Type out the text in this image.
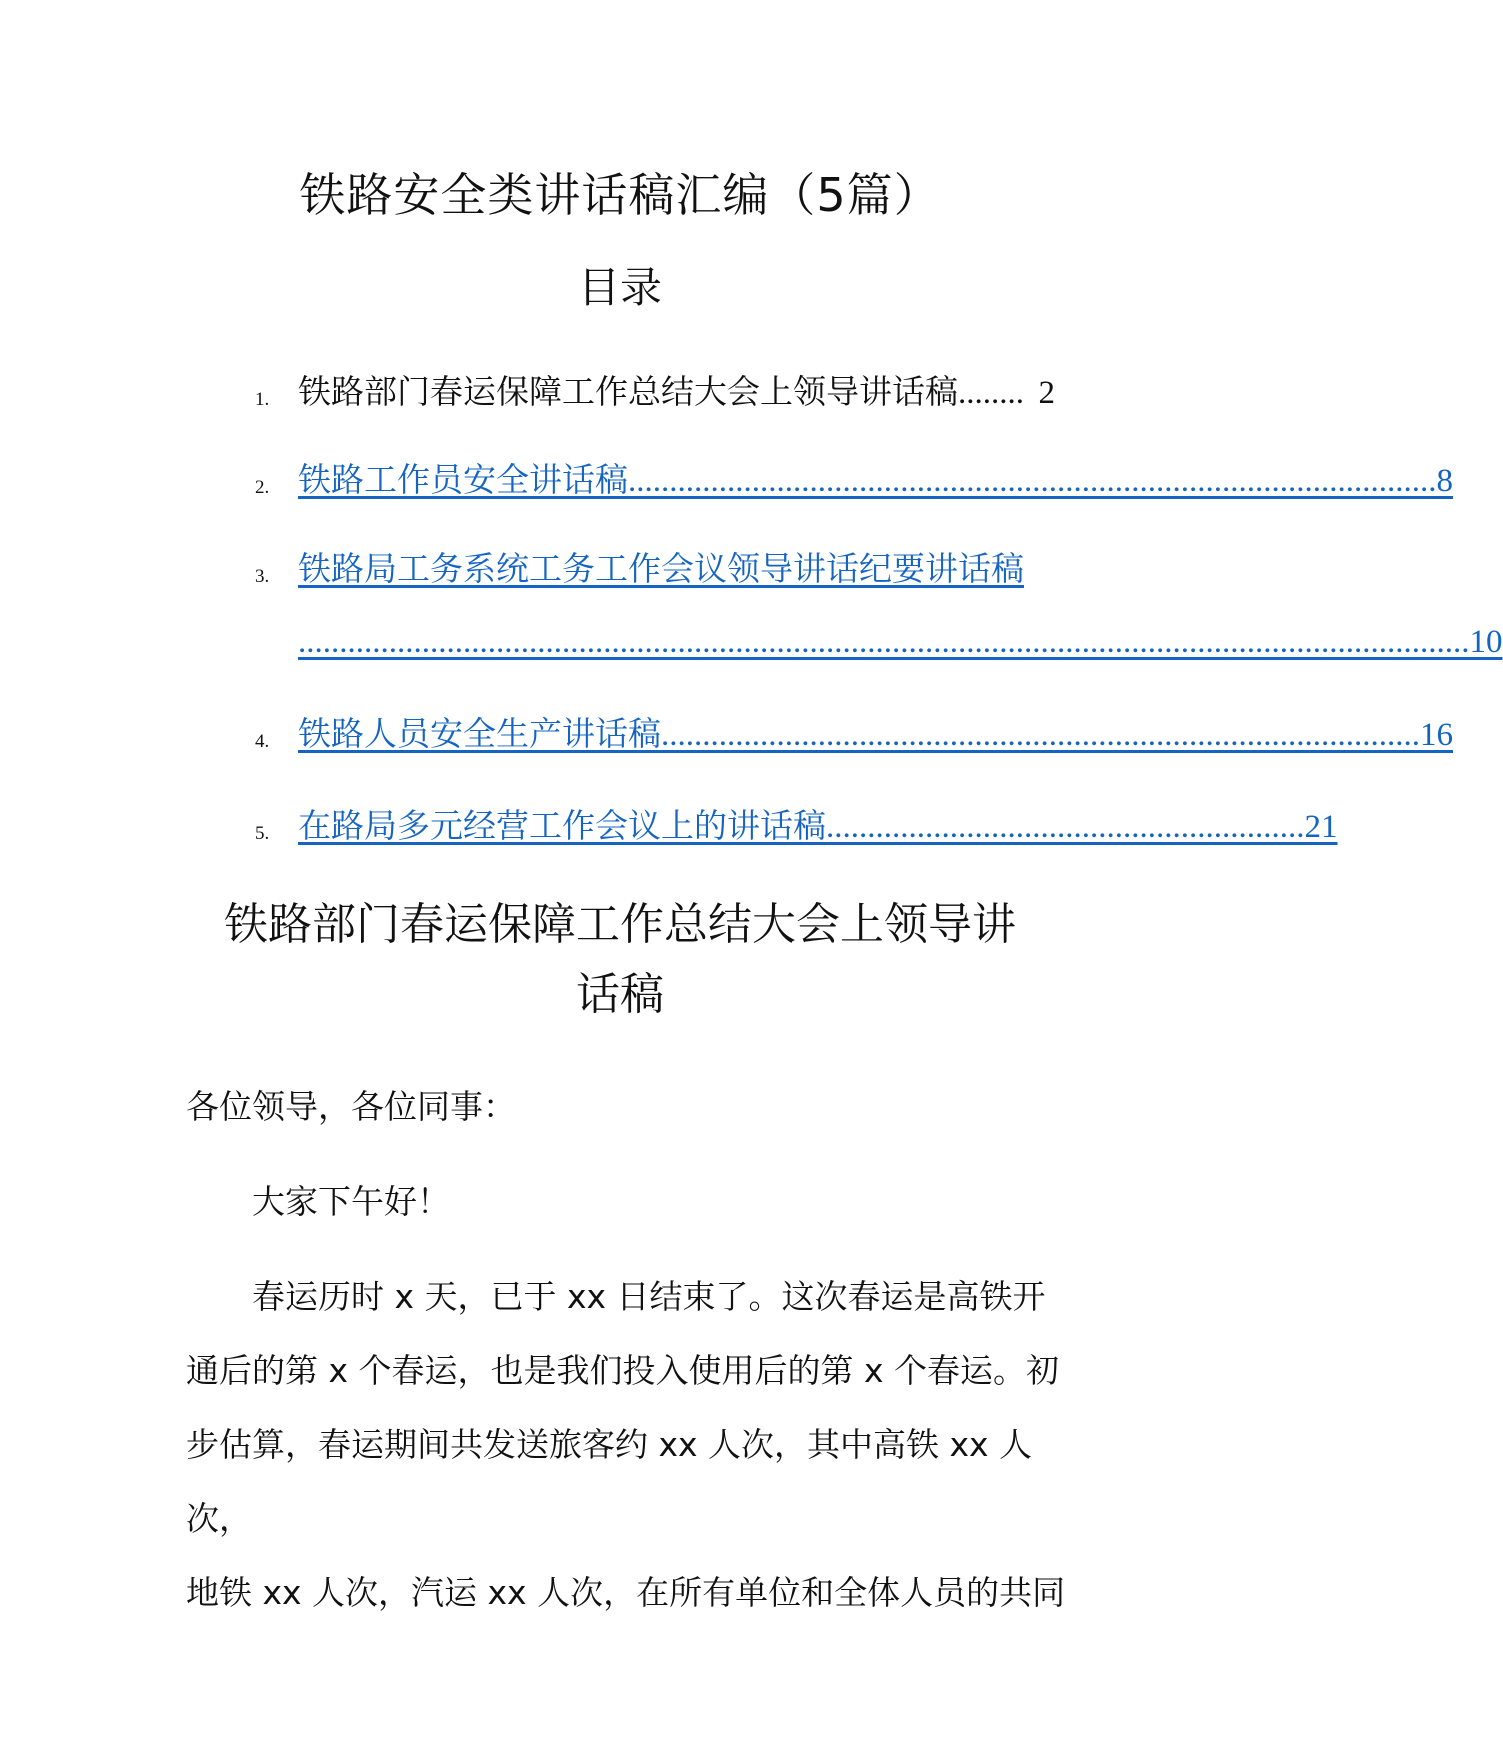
铁路安全类讲话稿汇编（5篇）
目录
1. 铁路部门春运保障工作总结大会上领导讲话稿 ........ 2
2. 铁路工作员安全讲话稿 .................................................................................................. 8
3. 铁路局工务系统工务工作会议领导讲话纪要讲话稿
.............................................................................................................................................. 10
4. 铁路人员安全生产讲话稿 ............................................................................................ 16
5. 在路局多元经营工作会议上的讲话稿 .......................................................... 21
铁路部门春运保障工作总结大会上领导讲
话稿

各位领导，各位同事：

大家下午好！

春运历时 x 天，已于 xx 日结束了。这次春运是高铁开
通后的第 x 个春运，也是我们投入使用后的第 x 个春运。初
步估算，春运期间共发送旅客约 xx 人次，其中高铁 xx 人次，
地铁 xx 人次，汽运 xx 人次，在所有单位和全体人员的共同
